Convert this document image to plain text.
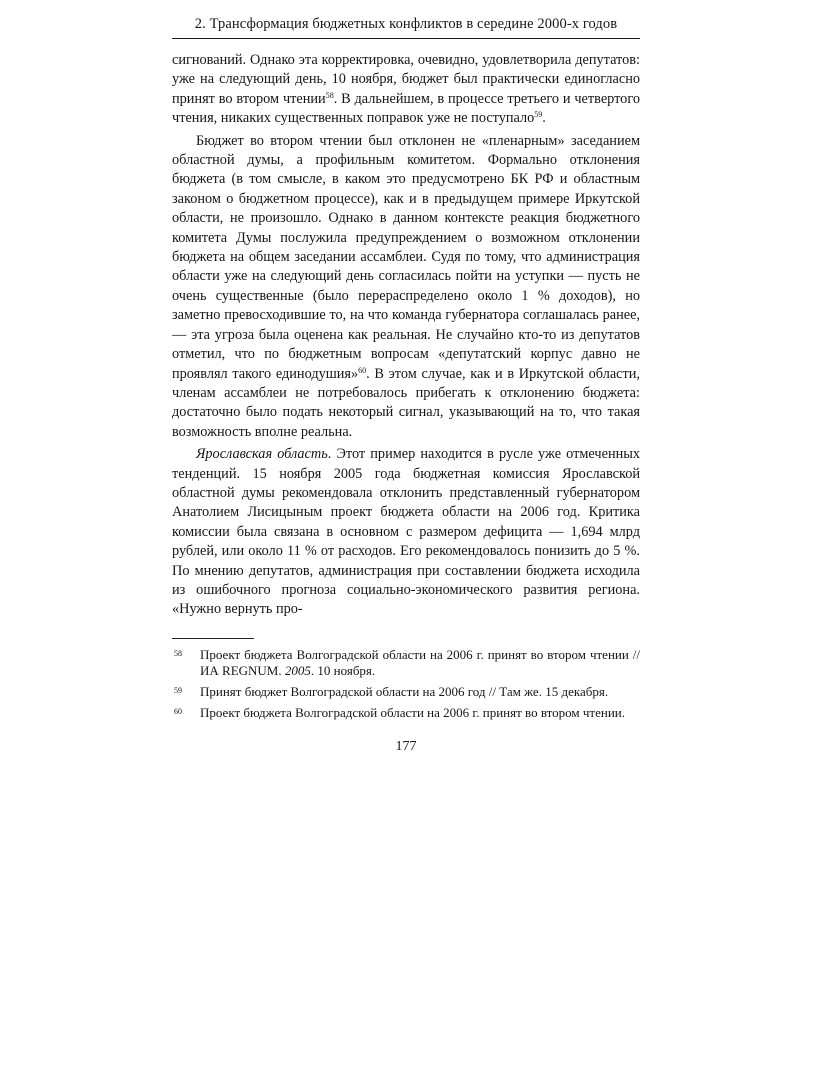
2. Трансформация бюджетных конфликтов в середине 2000-х годов

сигнований. Однако эта корректировка, очевидно, удовлетворила депутатов: уже на следующий день, 10 ноября, бюджет был практически единогласно принят во втором чтении$^{58}$. В дальнейшем, в процессе третьего и четвертого чтения, никаких существенных поправок уже не поступало$^{59}$.

Бюджет во втором чтении был отклонен не «пленарным» заседанием областной думы, а профильным комитетом. Формально отклонения бюджета (в том смысле, в каком это предусмотрено БК РФ и областным законом о бюджетном процессе), как и в предыдущем примере Иркутской области, не произошло. Однако в данном контексте реакция бюджетного комитета Думы послужила предупреждением о возможном отклонении бюджета на общем заседании ассамблеи. Судя по тому, что администрация области уже на следующий день согласилась пойти на уступки — пусть не очень существенные (было перераспределено около 1 % доходов), но заметно превосходившие то, на что команда губернатора соглашалась ранее, — эта угроза была оценена как реальная. Не случайно кто-то из депутатов отметил, что по бюджетным вопросам «депутатский корпус давно не проявлял такого единодушия»$^{60}$. В этом случае, как и в Иркутской области, членам ассамблеи не потребовалось прибегать к отклонению бюджета: достаточно было подать некоторый сигнал, указывающий на то, что такая возможность вполне реальна.

Ярославская область. Этот пример находится в русле уже отмеченных тенденций. 15 ноября 2005 года бюджетная комиссия Ярославской областной думы рекомендовала отклонить представленный губернатором Анатолием Лисицыным проект бюджета области на 2006 год. Критика комиссии была связана в основном с размером дефицита — 1,694 млрд рублей, или около 11 % от расходов. Его рекомендовалось понизить до 5 %. По мнению депутатов, администрация при составлении бюджета исходила из ошибочного прогноза социально-экономического развития региона. «Нужно вернуть про-

58 Проект бюджета Волгоградской области на 2006 г. принят во втором чтении // ИА REGNUM. 2005. 10 ноября.
59 Принят бюджет Волгоградской области на 2006 год // Там же. 15 декабря.
60 Проект бюджета Волгоградской области на 2006 г. принят во втором чтении.
177
